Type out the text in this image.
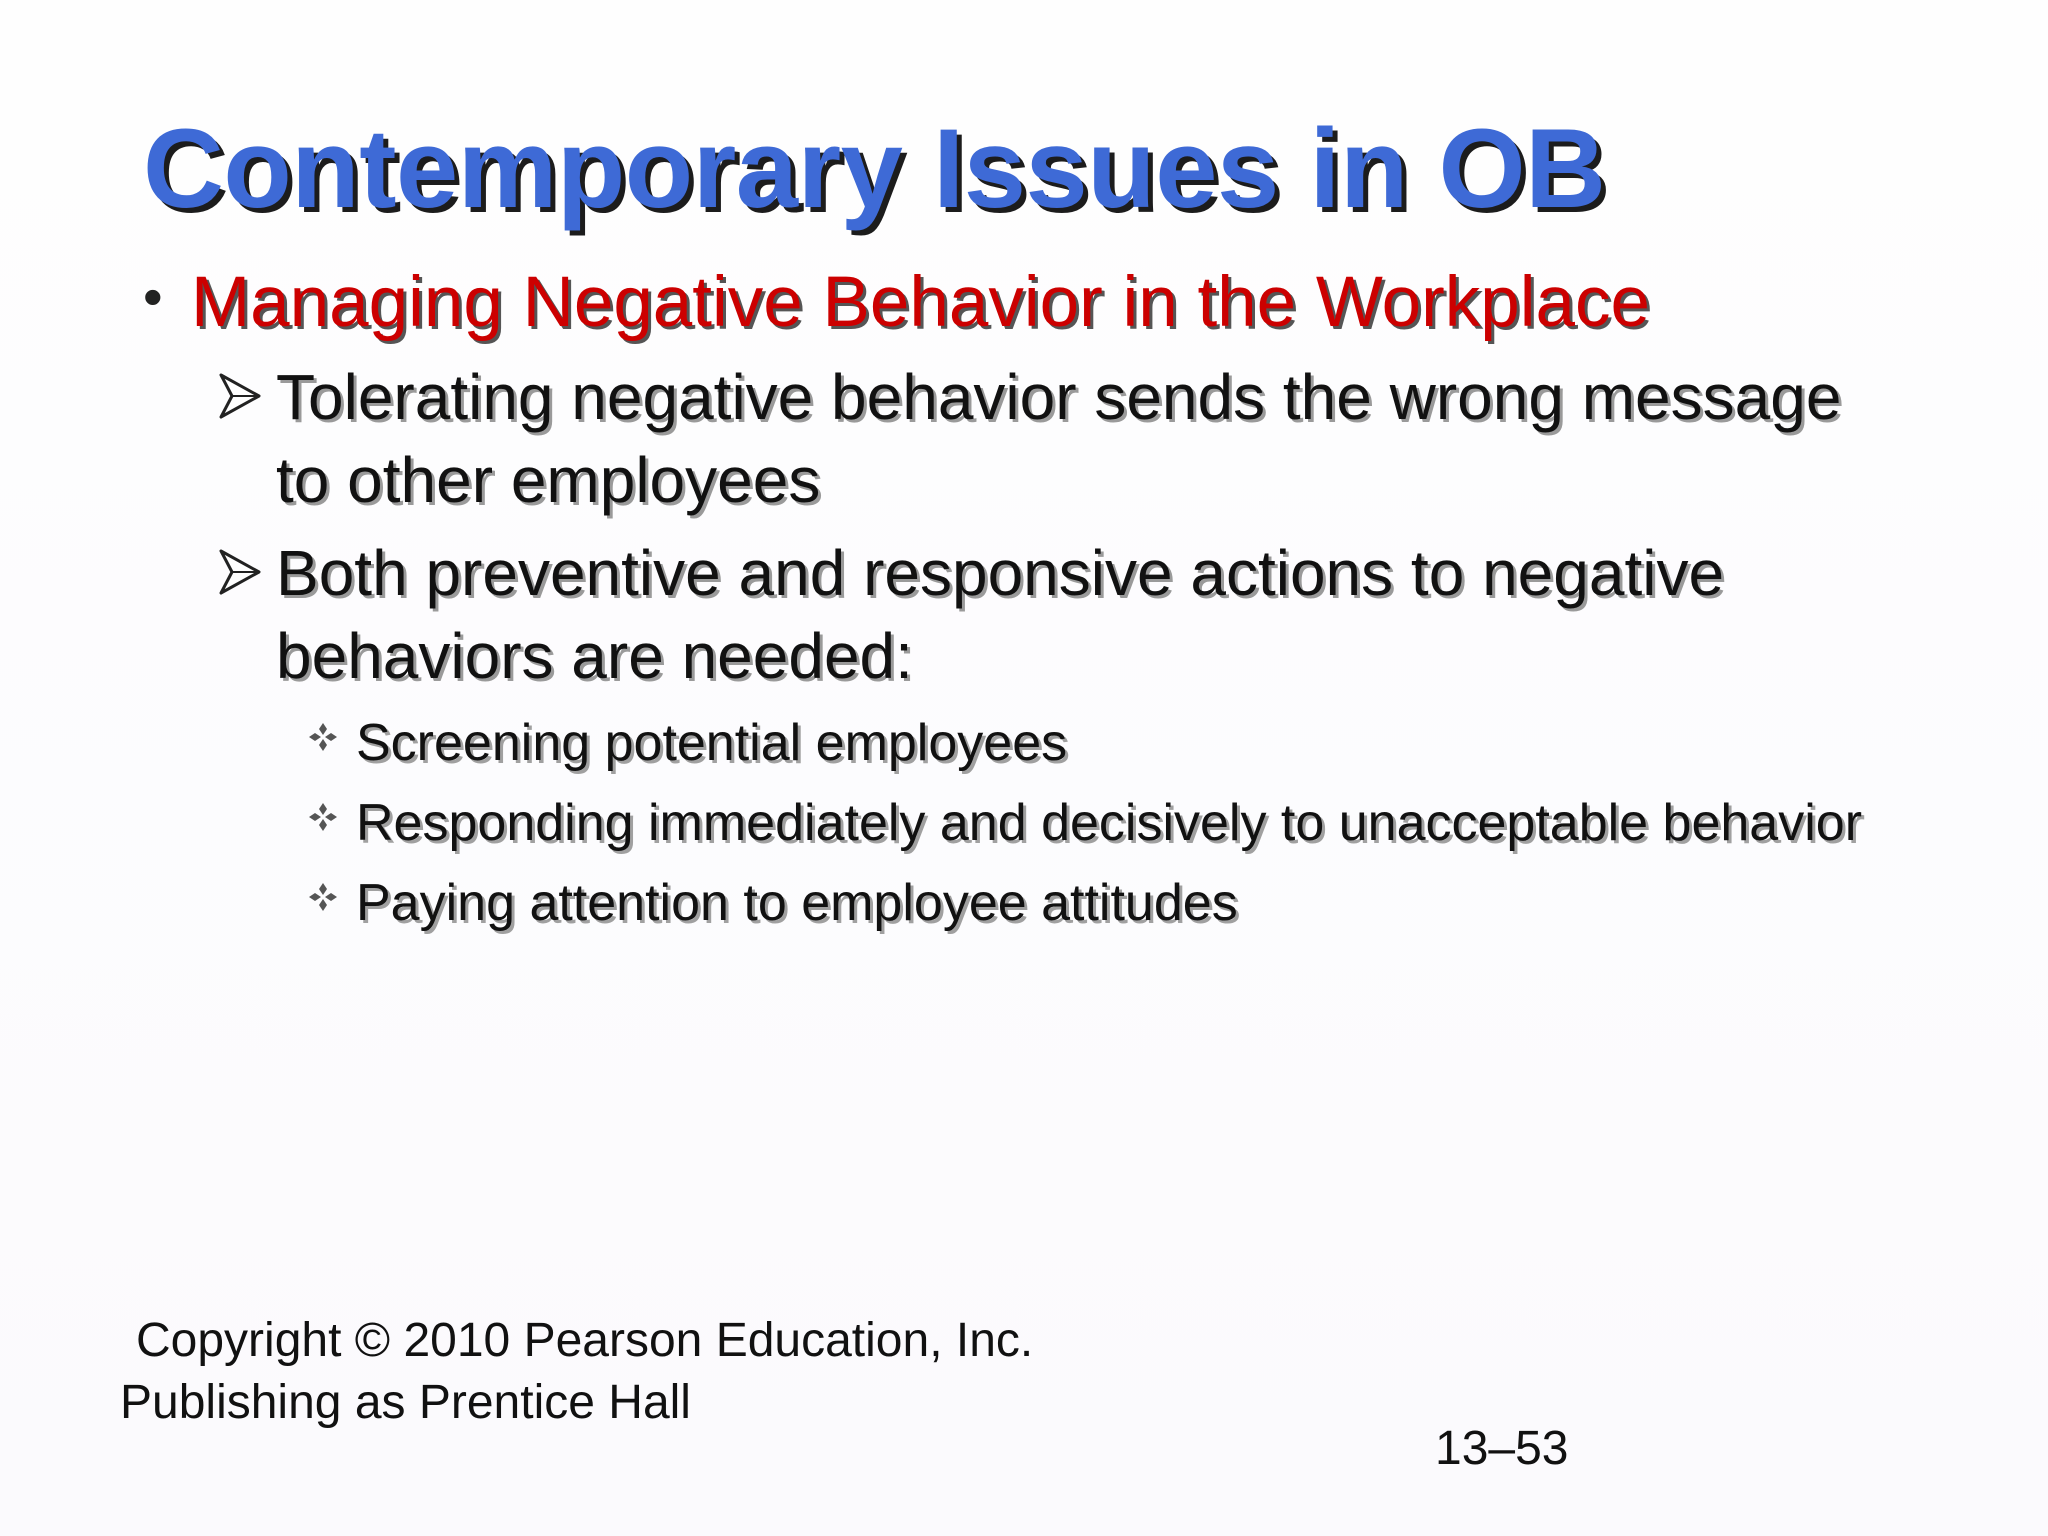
Contemporary Issues in OB
• Managing Negative Behavior in the Workplace
Tolerating negative behavior sends the wrong message to other employees
Both preventive and responsive actions to negative behaviors are needed:
Screening potential employees
Responding immediately and decisively to unacceptable behavior
Paying attention to employee attitudes
Copyright © 2010 Pearson Education, Inc.
Publishing as Prentice Hall
13–53
